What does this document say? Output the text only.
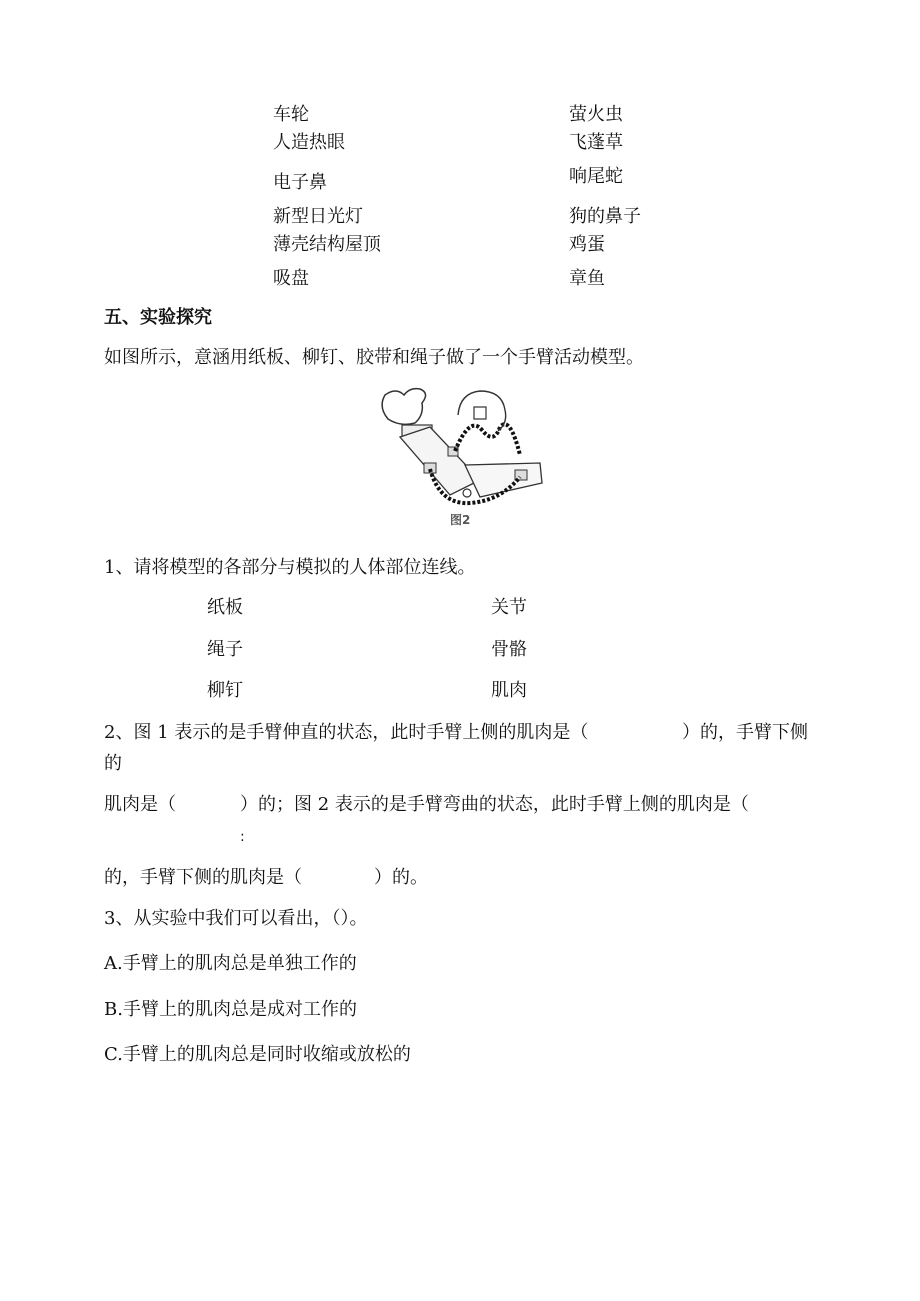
车轮
人造热眼
电子鼻
新型日光灯
薄壳结构屋顶
吸盘
萤火虫
飞蓬草
响尾蛇
狗的鼻子
鸡蛋
章鱼
五、实验探究
如图所示，意涵用纸板、柳钉、胶带和绳子做了一个手臂活动模型。
图2
1、请将模型的各部分与模拟的人体部位连线。
纸板
绳子
柳钉
关节
骨骼
肌肉
2、图 1 表示的是手臂伸直的状态，此时手臂上侧的肌肉是（	）的，手臂下侧
的
肌肉是（	）的；图 2 表示的是手臂弯曲的状态，此时手臂上侧的肌肉是（
:
的，手臂下侧的肌肉是（　　　　）的。
3、从实验中我们可以看出，（）。
A.手臂上的肌肉总是单独工作的
B.手臂上的肌肉总是成对工作的
C.手臂上的肌肉总是同时收缩或放松的
